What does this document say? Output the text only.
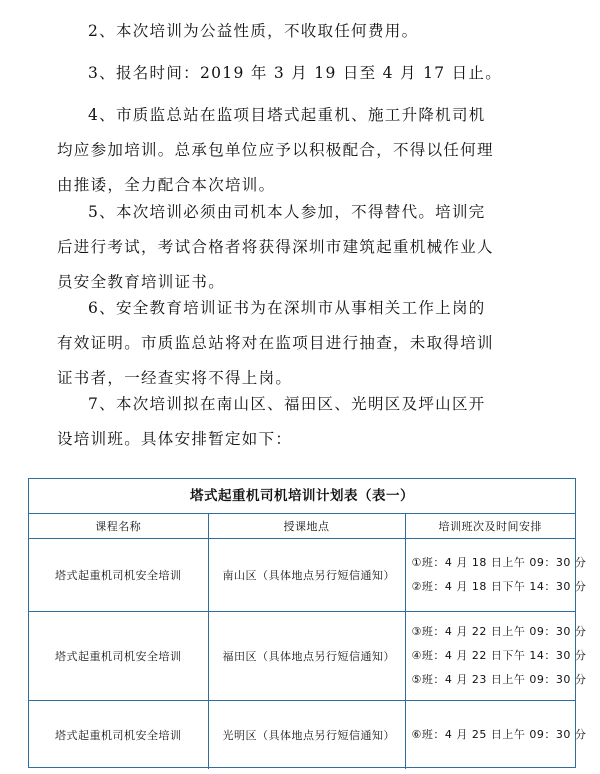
2、本次培训为公益性质，不收取任何费用。

3、报名时间：2019 年 3 月 19 日至 4 月 17 日止。

4、市质监总站在监项目塔式起重机、施工升降机司机
均应参加培训。总承包单位应予以积极配合，不得以任何理
由推诿，全力配合本次培训。

5、本次培训必须由司机本人参加，不得替代。培训完
后进行考试，考试合格者将获得深圳市建筑起重机械作业人
员安全教育培训证书。

6、安全教育培训证书为在深圳市从事相关工作上岗的
有效证明。市质监总站将对在监项目进行抽查，未取得培训
证书者，一经查实将不得上岗。

7、本次培训拟在南山区、福田区、光明区及坪山区开
设培训班。具体安排暂定如下：

塔式起重机司机培训计划表（表一）
课程名称	授课地点	培训班次及时间安排
塔式起重机司机安全培训	南山区（具体地点另行短信通知）	①班：4 月 18 日上午 09：30 分
②班：4 月 18 日下午 14：30 分

塔式起重机司机安全培训	福田区（具体地点另行短信通知）	③班：4 月 22 日上午 09：30 分
④班：4 月 22 日下午 14：30 分
⑤班：4 月 23 日上午 09：30 分

塔式起重机司机安全培训	光明区（具体地点另行短信通知）	⑥班：4 月 25 日上午 09：30 分
